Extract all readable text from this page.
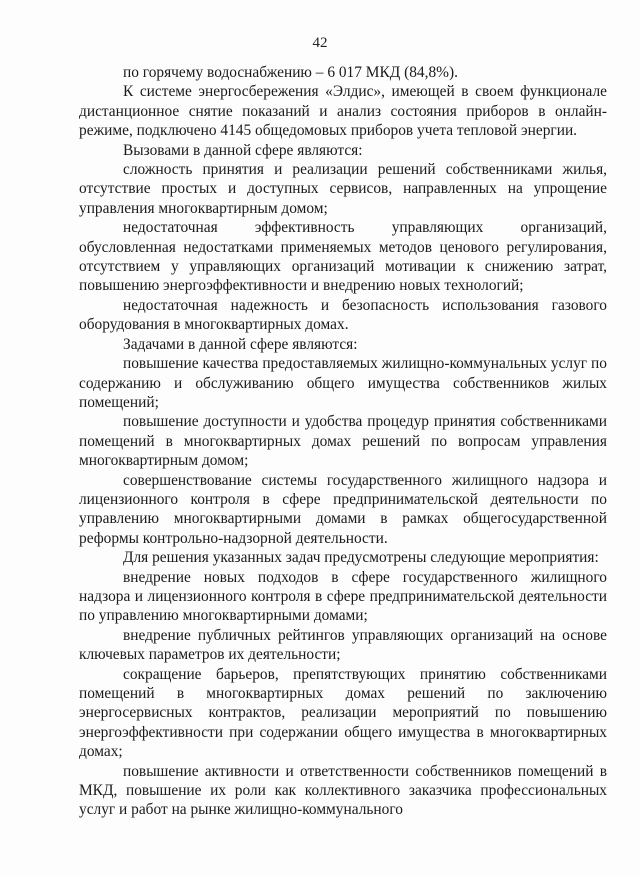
42

по горячему водоснабжению – 6 017 МКД (84,8%).

К системе энергосбережения «Элдис», имеющей в своем функционале дистанционное снятие показаний и анализ состояния приборов в онлайн-режиме, подключено 4145 общедомовых приборов учета тепловой энергии.

Вызовами в данной сфере являются:

сложность принятия и реализации решений собственниками жилья, отсутствие простых и доступных сервисов, направленных на упрощение управления многоквартирным домом;

недостаточная эффективность управляющих организаций, обусловленная недостатками применяемых методов ценового регулирования, отсутствием у управляющих организаций мотивации к снижению затрат, повышению энергоэффективности и внедрению новых технологий;

недостаточная надежность и безопасность использования газового оборудования в многоквартирных домах.

Задачами в данной сфере являются:

повышение качества предоставляемых жилищно-коммунальных услуг по содержанию и обслуживанию общего имущества собственников жилых помещений;

повышение доступности и удобства процедур принятия собственниками помещений в многоквартирных домах решений по вопросам управления многоквартирным домом;

совершенствование системы государственного жилищного надзора и лицензионного контроля в сфере предпринимательской деятельности по управлению многоквартирными домами в рамках общегосударственной реформы контрольно-надзорной деятельности.

Для решения указанных задач предусмотрены следующие мероприятия:

внедрение новых подходов в сфере государственного жилищного надзора и лицензионного контроля в сфере предпринимательской деятельности по управлению многоквартирными домами;

внедрение публичных рейтингов управляющих организаций на основе ключевых параметров их деятельности;

сокращение барьеров, препятствующих принятию собственниками помещений в многоквартирных домах решений по заключению энергосервисных контрактов, реализации мероприятий по повышению энергоэффективности при содержании общего имущества в многоквартирных домах;

повышение активности и ответственности собственников помещений в МКД, повышение их роли как коллективного заказчика профессиональных услуг и работ на рынке жилищно-коммунального
